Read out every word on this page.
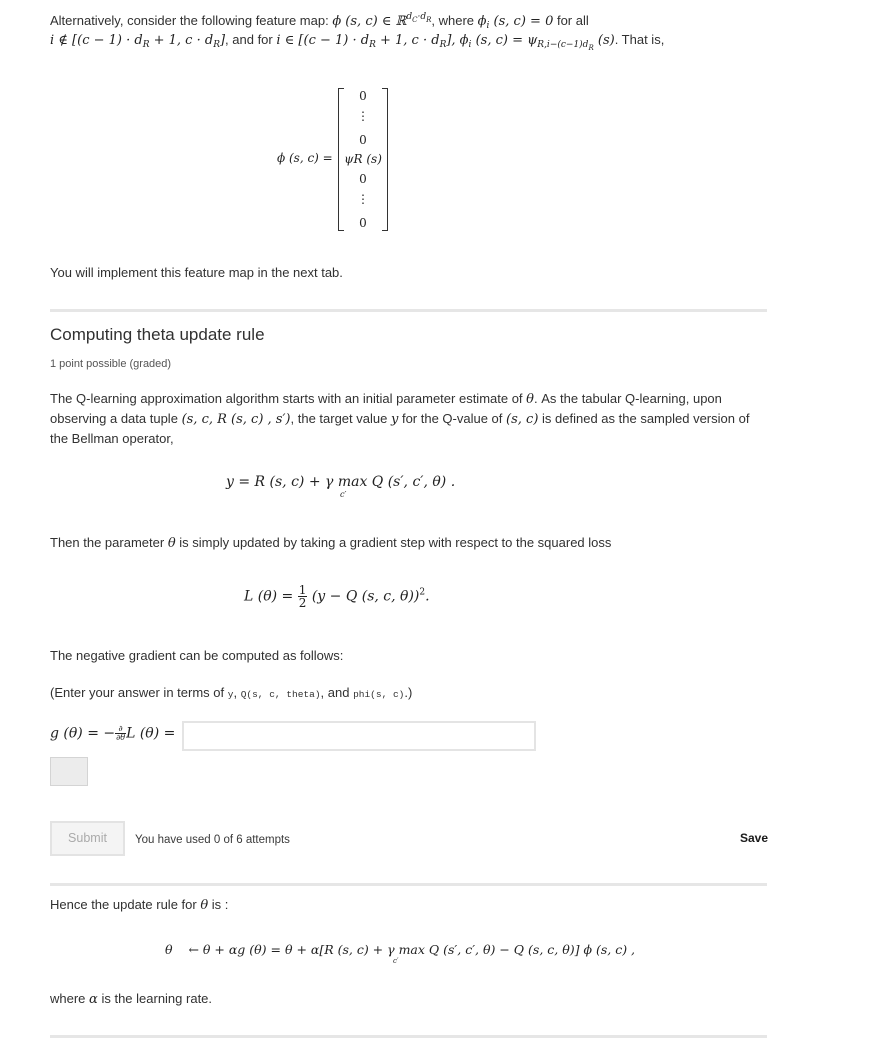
Alternatively, consider the following feature map: ϕ (s, c) ∈ ℝ$^{d_C\cdot d_R}$, where $\phi_i$ (s, c) = 0 for all
i ∉ [$(c - 1) \cdot d_R + 1$, $c \cdot d_R$], and for i ∈ [$(c - 1) \cdot d_R + 1$, $c \cdot d_R$], $\phi_i$ (s, $c) = \psi_{R,i-(c-1)d_R}$ (s). That is,
ϕ (s, c) =
0
⋮
0
ψR (s)
0
⋮
0
You will implement this feature map in the next tab.
Computing theta update rule
1 point possible (graded)
The Q-learning approximation algorithm starts with an initial parameter estimate of θ. As the tabular Q-learning, upon observing a data tuple (s, c, R (s, c) , s′), the target value y for the Q-value of (s, c) is defined as the sampled version of the Bellman operator,
y = R (s, c) + γ max Q (s′, c′, θ) .
c′
Then the parameter θ is simply updated by taking a gradient step with respect to the squared loss
L $(\theta) = \frac{1}{2} (y - Q$ (s, c, θ))$^2$.
The negative gradient can be computed as follows:
(Enter your answer in terms of y, Q(s, c, theta), and phi(s, c).)
g (θ) = − $\frac{\partial}{\partial\theta}$ L (θ) =
Submit	You have used 0 of 6 attempts	Save
Hence the update rule for θ is :
θ ← θ + αg (θ) = θ + α[R (s, c) + γ max Q (s′, c′, θ) − Q (s, c, θ)] ϕ (s, c) ,
c′
where α is the learning rate.
